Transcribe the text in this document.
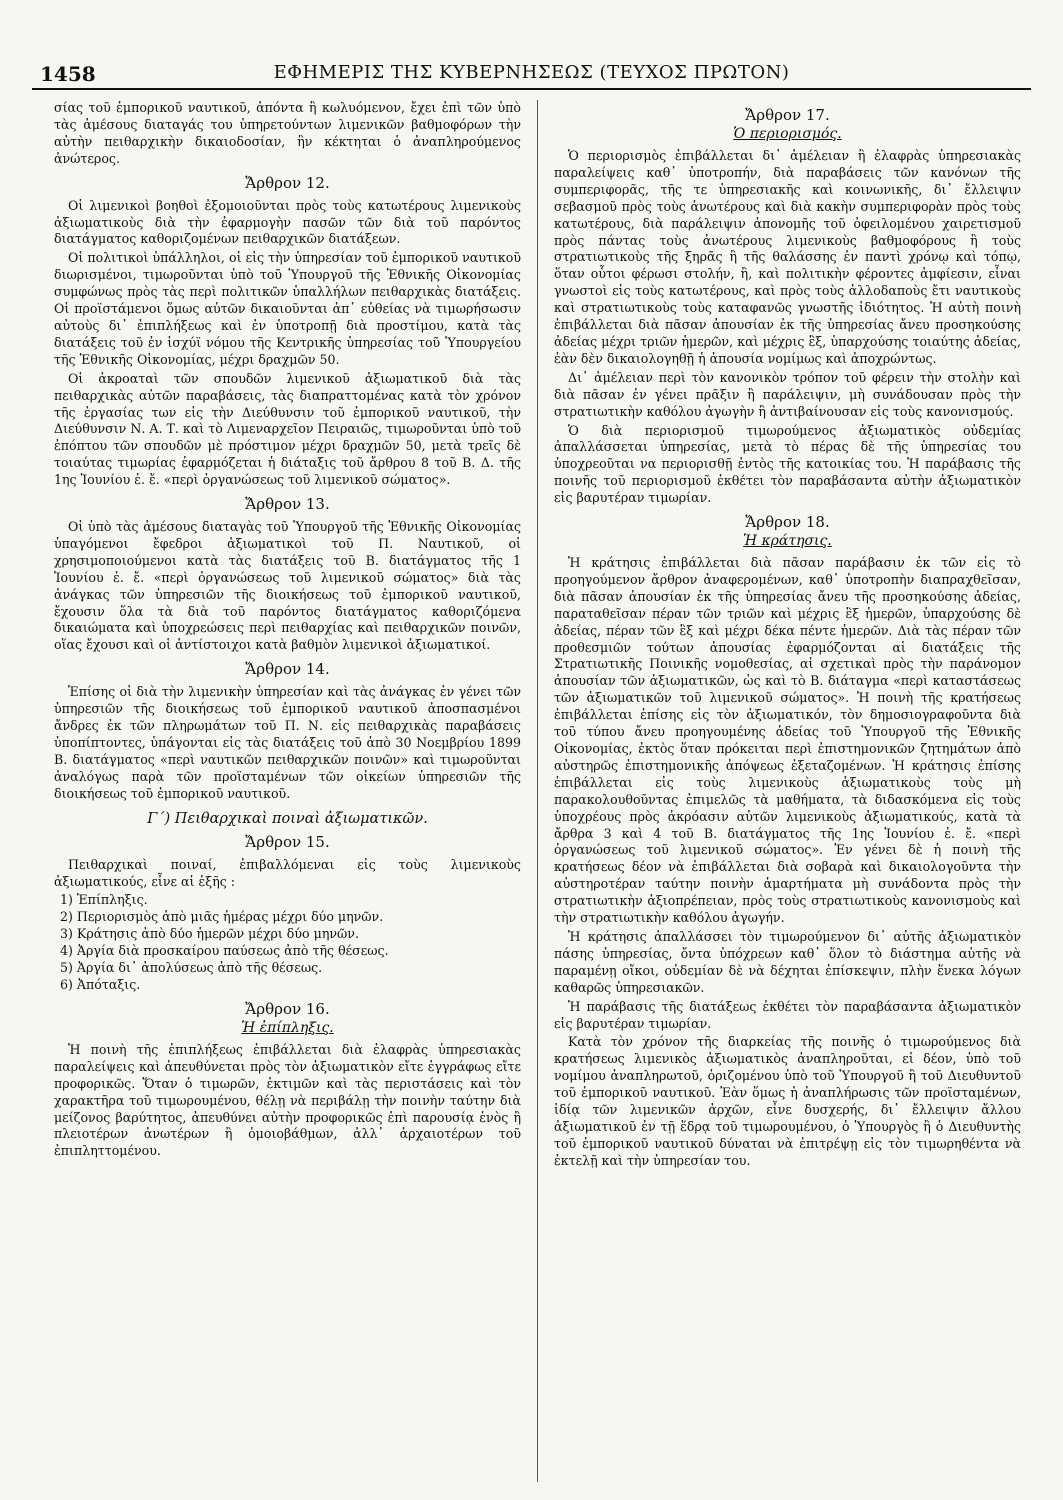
1458	ΕΦΗΜΕΡΙΣ ΤΗΣ ΚΥΒΕΡΝΗΣΕΩΣ (ΤΕΥΧΟΣ ΠΡΩΤΟΝ)

σίας τοῦ ἐμπορικοῦ ναυτικοῦ, ἀπόντα ἢ κωλυόμενον, ἔχει ἐπὶ τῶν ὑπὸ τὰς ἀμέσους διαταγάς του ὑπηρετούντων λιμενικῶν βαθμοφόρων τὴν αὐτὴν πειθαρχικὴν δικαιοδοσίαν, ἣν κέκτηται ὁ ἀναπληρούμενος ἀνώτερος.

Ἄρθρον 12.

Οἱ λιμενικοὶ βοηθοὶ ἐξομοιοῦνται πρὸς τοὺς κατωτέρους λιμενικοὺς ἀξιωματικοὺς διὰ τὴν ἐφαρμογὴν πασῶν τῶν διὰ τοῦ παρόντος διατάγματος καθοριζομένων πειθαρχικῶν διατάξεων.

Οἱ πολιτικοὶ ὑπάλληλοι, οἱ εἰς τὴν ὑπηρεσίαν τοῦ ἐμπορικοῦ ναυτικοῦ διωρισμένοι, τιμωροῦνται ὑπὸ τοῦ Ὑπουργοῦ τῆς Ἐθνικῆς Οἰκονομίας συμφώνως πρὸς τὰς περὶ πολιτικῶν ὑπαλλήλων πειθαρχικὰς διατάξεις. Οἱ προϊστάμενοι ὅμως αὐτῶν δικαιοῦνται ἀπ᾽ εὐθείας νὰ τιμωρήσωσιν αὐτοὺς δι᾽ ἐπιπλήξεως καὶ ἐν ὑποτροπῇ διὰ προστίμου, κατὰ τὰς διατάξεις τοῦ ἐν ἰσχύϊ νόμου τῆς Κεντρικῆς ὑπηρεσίας τοῦ Ὑπουργείου τῆς Ἐθνικῆς Οἰκονομίας, μέχρι δραχμῶν 50.

Οἱ ἀκροαταὶ τῶν σπουδῶν λιμενικοῦ ἀξιωματικοῦ διὰ τὰς πειθαρχικὰς αὐτῶν παραβάσεις, τὰς διαπραττομένας κατὰ τὸν χρόνον τῆς ἐργασίας των εἰς τὴν Διεύθυνσιν τοῦ ἐμπορικοῦ ναυτικοῦ, τὴν Διεύθυνσιν Ν. Α. Τ. καὶ τὸ Λιμεναρχεῖον Πειραιῶς, τιμωροῦνται ὑπὸ τοῦ ἐπόπτου τῶν σπουδῶν μὲ πρόστιμον μέχρι δραχμῶν 50, μετὰ τρεῖς δὲ τοιαύτας τιμωρίας ἐφαρμόζεται ἡ διάταξις τοῦ ἄρθρου 8 τοῦ Β. Δ. τῆς 1ης Ἰουνίου ἐ. ἔ. «περὶ ὀργανώσεως τοῦ λιμενικοῦ σώματος».

Ἄρθρον 13.

Οἱ ὑπὸ τὰς ἀμέσους διαταγὰς τοῦ Ὑπουργοῦ τῆς Ἐθνικῆς Οἰκονομίας ὑπαγόμενοι ἔφεδροι ἀξιωματικοὶ τοῦ Π. Ναυτικοῦ, οἱ χρησιμοποιούμενοι κατὰ τὰς διατάξεις τοῦ Β. διατάγματος τῆς 1 Ἰουνίου ἐ. ἔ. «περὶ ὀργανώσεως τοῦ λιμενικοῦ σώματος» διὰ τὰς ἀνάγκας τῶν ὑπηρεσιῶν τῆς διοικήσεως τοῦ ἐμπορικοῦ ναυτικοῦ, ἔχουσιν ὅλα τὰ διὰ τοῦ παρόντος διατάγματος καθοριζόμενα δικαιώματα καὶ ὑποχρεώσεις περὶ πειθαρχίας καὶ πειθαρχικῶν ποινῶν, οἵας ἔχουσι καὶ οἱ ἀντίστοιχοι κατὰ βαθμὸν λιμενικοὶ ἀξιωματικοί.

Ἄρθρον 14.

Ἐπίσης οἱ διὰ τὴν λιμενικὴν ὑπηρεσίαν καὶ τὰς ἀνάγκας ἐν γένει τῶν ὑπηρεσιῶν τῆς διοικήσεως τοῦ ἐμπορικοῦ ναυτικοῦ ἀποσπασμένοι ἄνδρες ἐκ τῶν πληρωμάτων τοῦ Π. Ν. εἰς πειθαρχικὰς παραβάσεις ὑποπίπτοντες, ὑπάγονται εἰς τὰς διατάξεις τοῦ ἀπὸ 30 Νοεμβρίου 1899 Β. διατάγματος «περὶ ναυτικῶν πειθαρχικῶν ποινῶν» καὶ τιμωροῦνται ἀναλόγως παρὰ τῶν προϊσταμένων τῶν οἰκείων ὑπηρεσιῶν τῆς διοικήσεως τοῦ ἐμπορικοῦ ναυτικοῦ.

Γ΄) Πειθαρχικαὶ ποιναὶ ἀξιωματικῶν.
Ἄρθρον 15.

Πειθαρχικαὶ ποιναί, ἐπιβαλλόμεναι εἰς τοὺς λιμενικοὺς ἀξιωματικούς, εἶνε αἱ ἑξῆς :

1) Ἐπίπληξις.
2) Περιορισμὸς ἀπὸ μιᾶς ἡμέρας μέχρι δύο μηνῶν.
3) Κράτησις ἀπὸ δύο ἡμερῶν μέχρι δύο μηνῶν.
4) Ἀργία διὰ προσκαίρου παύσεως ἀπὸ τῆς θέσεως.
5) Ἀργία δι᾽ ἀπολύσεως ἀπὸ τῆς θέσεως.
6) Ἀπόταξις.
Ἄρθρον 16.
Ἡ ἐπίπληξις.

Ἡ ποινὴ τῆς ἐπιπλήξεως ἐπιβάλλεται διὰ ἐλαφρὰς ὑπηρεσιακὰς παραλείψεις καὶ ἀπευθύνεται πρὸς τὸν ἀξιωματικὸν εἴτε ἐγγράφως εἴτε προφορικῶς. Ὅταν ὁ τιμωρῶν, ἐκτιμῶν καὶ τὰς περιστάσεις καὶ τὸν χαρακτῆρα τοῦ τιμωρουμένου, θέλῃ νὰ περιβάλῃ τὴν ποινὴν ταύτην διὰ μείζονος βαρύτητος, ἀπευθύνει αὐτὴν προφορικῶς ἐπὶ παρουσίᾳ ἑνὸς ἢ πλειοτέρων ἀνωτέρων ἢ ὁμοιοβάθμων, ἀλλ᾽ ἀρχαιοτέρων τοῦ ἐπιπληττομένου.

Ἄρθρον 17.
Ὁ περιορισμός.

Ὁ περιορισμὸς ἐπιβάλλεται δι᾽ ἀμέλειαν ἢ ἐλαφρὰς ὑπηρεσιακὰς παραλείψεις καθ᾽ ὑποτροπήν, διὰ παραβάσεις τῶν κανόνων τῆς συμπεριφορᾶς, τῆς τε ὑπηρεσιακῆς καὶ κοινωνικῆς, δι᾽ ἔλλειψιν σεβασμοῦ πρὸς τοὺς ἀνωτέρους καὶ διὰ κακὴν συμπεριφορὰν πρὸς τοὺς κατωτέρους, διὰ παράλειψιν ἀπονομῆς τοῦ ὀφειλομένου χαιρετισμοῦ πρὸς πάντας τοὺς ἀνωτέρους λιμενικοὺς βαθμοφόρους ἢ τοὺς στρατιωτικοὺς τῆς ξηρᾶς ἢ τῆς θαλάσσης ἐν παντὶ χρόνῳ καὶ τόπῳ, ὅταν οὗτοι φέρωσι στολήν, ἢ, καὶ πολιτικὴν φέροντες ἀμφίεσιν, εἶναι γνωστοὶ εἰς τοὺς κατωτέρους, καὶ πρὸς τοὺς ἀλλοδαποὺς ἔτι ναυτικοὺς καὶ στρατιωτικοὺς τοὺς καταφανῶς γνωστῆς ἰδιότητος. Ἡ αὐτὴ ποινὴ ἐπιβάλλεται διὰ πᾶσαν ἀπουσίαν ἐκ τῆς ὑπηρεσίας ἄνευ προσηκούσης ἀδείας μέχρι τριῶν ἡμερῶν, καὶ μέχρις ἓξ, ὑπαρχούσης τοιαύτης ἀδείας, ἐὰν δὲν δικαιολογηθῇ ἡ ἀπουσία νομίμως καὶ ἀποχρώντως.

Δι᾽ ἀμέλειαν περὶ τὸν κανονικὸν τρόπον τοῦ φέρειν τὴν στολὴν καὶ διὰ πᾶσαν ἐν γένει πρᾶξιν ἢ παράλειψιν, μὴ συνάδουσαν πρὸς τὴν στρατιωτικὴν καθόλου ἀγωγὴν ἢ ἀντιβαίνουσαν εἰς τοὺς κανονισμούς.

Ὁ διὰ περιορισμοῦ τιμωρούμενος ἀξιωματικὸς οὐδεμίας ἀπαλλάσσεται ὑπηρεσίας, μετὰ τὸ πέρας δὲ τῆς ὑπηρεσίας του ὑποχρεοῦται να περιορισθῇ ἐντὸς τῆς κατοικίας του. Ἡ παράβασις τῆς ποινῆς τοῦ περιορισμοῦ ἐκθέτει τὸν παραβάσαντα αὐτὴν ἀξιωματικὸν εἰς βαρυτέραν τιμωρίαν.

Ἄρθρον 18.
Ἡ κράτησις.

Ἡ κράτησις ἐπιβάλλεται διὰ πᾶσαν παράβασιν ἐκ τῶν εἰς τὸ προηγούμενον ἄρθρον ἀναφερομένων, καθ᾽ ὑποτροπὴν διαπραχθεῖσαν, διὰ πᾶσαν ἀπουσίαν ἐκ τῆς ὑπηρεσίας ἄνευ τῆς προσηκούσης ἀδείας, παραταθεῖσαν πέραν τῶν τριῶν καὶ μέχρις ἓξ ἡμερῶν, ὑπαρχούσης δὲ ἀδείας, πέραν τῶν ἓξ καὶ μέχρι δέκα πέντε ἡμερῶν. Διὰ τὰς πέραν τῶν προθεσμιῶν τούτων ἀπουσίας ἐφαρμόζονται αἱ διατάξεις τῆς Στρατιωτικῆς Ποινικῆς νομοθεσίας, αἱ σχετικαὶ πρὸς τὴν παράνομον ἀπουσίαν τῶν ἀξιωματικῶν, ὡς καὶ τὸ Β. διάταγμα «περὶ καταστάσεως τῶν ἀξιωματικῶν τοῦ λιμενικοῦ σώματος». Ἡ ποινὴ τῆς κρατήσεως ἐπιβάλλεται ἐπίσης εἰς τὸν ἀξιωματικόν, τὸν δημοσιογραφοῦντα διὰ τοῦ τύπου ἄνευ προηγουμένης ἀδείας τοῦ Ὑπουργοῦ τῆς Ἐθνικῆς Οἰκονομίας, ἐκτὸς ὅταν πρόκειται περὶ ἐπιστημονικῶν ζητημάτων ἀπὸ αὐστηρῶς ἐπιστημονικῆς ἀπόψεως ἐξεταζομένων. Ἡ κράτησις ἐπίσης ἐπιβάλλεται εἰς τοὺς λιμενικοὺς ἀξιωματικοὺς τοὺς μὴ παρακολουθοῦντας ἐπιμελῶς τὰ μαθήματα, τὰ διδασκόμενα εἰς τοὺς ὑποχρέους πρὸς ἀκρόασιν αὐτῶν λιμενικοὺς ἀξιωματικούς, κατὰ τὰ ἄρθρα 3 καὶ 4 τοῦ Β. διατάγματος τῆς 1ης Ἰουνίου ἐ. ἔ. «περὶ ὀργανώσεως τοῦ λιμενικοῦ σώματος». Ἐν γένει δὲ ἡ ποινὴ τῆς κρατήσεως δέον νὰ ἐπιβάλλεται διὰ σοβαρὰ καὶ δικαιολογοῦντα τὴν αὐστηροτέραν ταύτην ποινὴν ἁμαρτήματα μὴ συνάδοντα πρὸς τὴν στρατιωτικὴν ἀξιοπρέπειαν, πρὸς τοὺς στρατιωτικοὺς κανονισμοὺς καὶ τὴν στρατιωτικὴν καθόλου ἀγωγήν.

Ἡ κράτησις ἀπαλλάσσει τὸν τιμωρούμενον δι᾽ αὐτῆς ἀξιωματικὸν πάσης ὑπηρεσίας, ὄντα ὑπόχρεων καθ᾽ ὅλον τὸ διάστημα αὐτῆς νὰ παραμένῃ οἴκοι, οὐδεμίαν δὲ νὰ δέχηται ἐπίσκεψιν, πλὴν ἕνεκα λόγων καθαρῶς ὑπηρεσιακῶν.

Ἡ παράβασις τῆς διατάξεως ἐκθέτει τὸν παραβάσαντα ἀξιωματικὸν εἰς βαρυτέραν τιμωρίαν.

Κατὰ τὸν χρόνον τῆς διαρκείας τῆς ποινῆς ὁ τιμωρούμενος διὰ κρατήσεως λιμενικὸς ἀξιωματικὸς ἀναπληροῦται, εἰ δέον, ὑπὸ τοῦ νομίμου ἀναπληρωτοῦ, ὁριζομένου ὑπὸ τοῦ Ὑπουργοῦ ἢ τοῦ Διευθυντοῦ τοῦ ἐμπορικοῦ ναυτικοῦ. Ἐὰν ὅμως ἡ ἀναπλήρωσις τῶν προϊσταμένων, ἰδίᾳ τῶν λιμενικῶν ἀρχῶν, εἶνε δυσχερής, δι᾽ ἔλλειψιν ἄλλου ἀξιωματικοῦ ἐν τῇ ἕδρᾳ τοῦ τιμωρουμένου, ὁ Ὑπουργὸς ἢ ὁ Διευθυντὴς τοῦ ἐμπορικοῦ ναυτικοῦ δύναται νὰ ἐπιτρέψῃ εἰς τὸν τιμωρηθέντα νὰ ἐκτελῇ καὶ τὴν ὑπηρεσίαν του.
